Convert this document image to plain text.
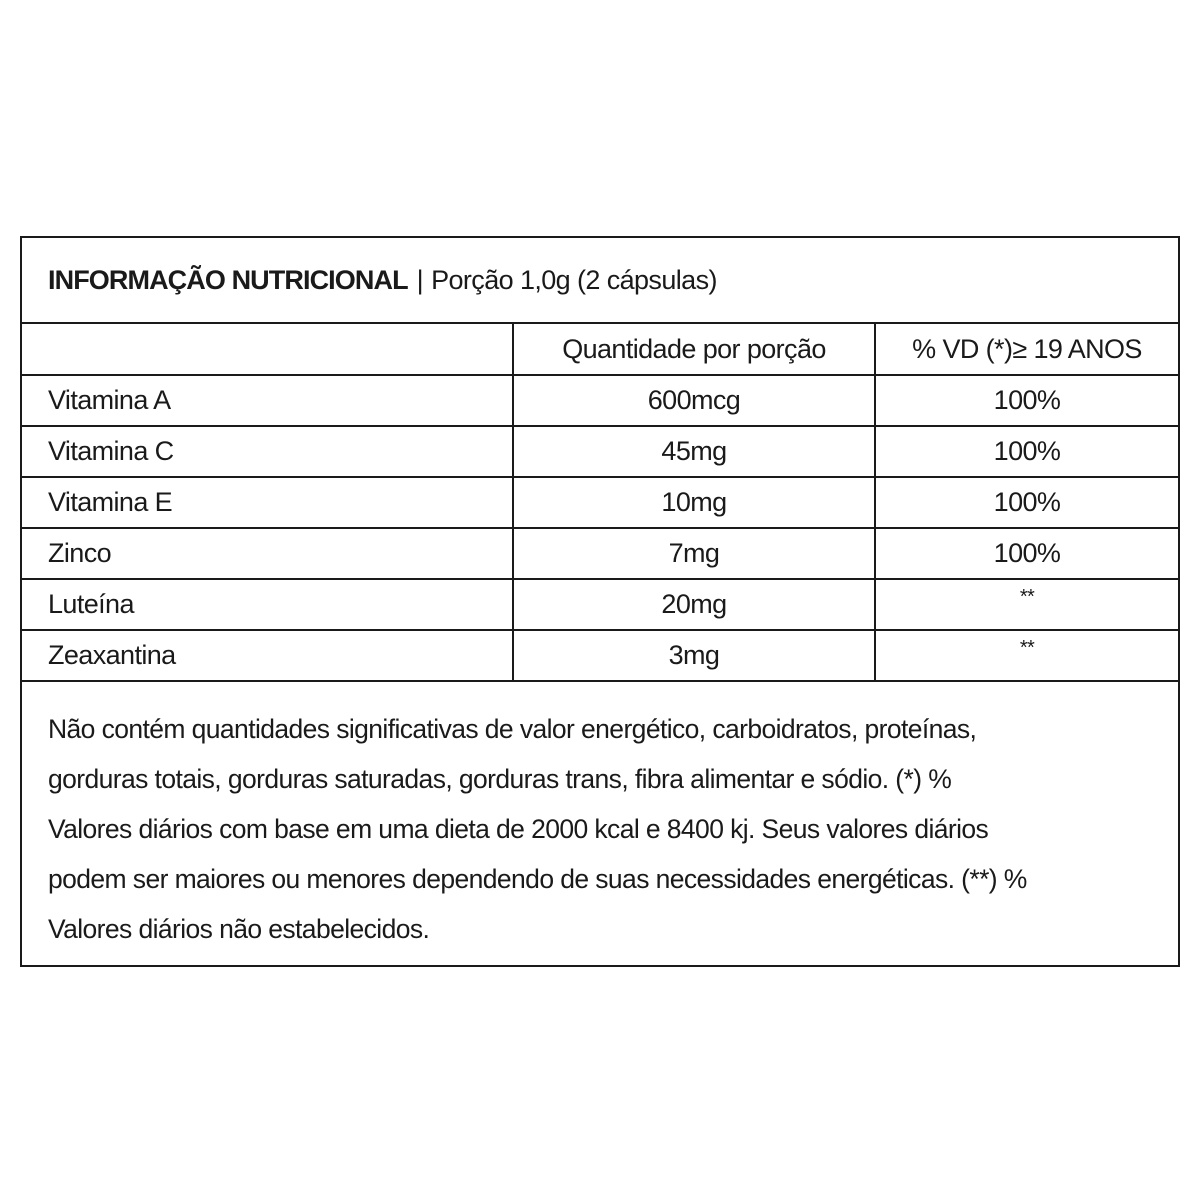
INFORMAÇÃO NUTRICIONAL | Porção 1,0g (2 cápsulas)
	Quantidade por porção	% VD (*)≥ 19 ANOS
Vitamina A	600mcg	100%
Vitamina C	45mg	100%
Vitamina E	10mg	100%
Zinco	7mg	100%
Luteína	20mg	**
Zeaxantina	3mg	**

Não contém quantidades significativas de valor energético, carboidratos, proteínas,
gorduras totais, gorduras saturadas, gorduras trans, fibra alimentar e sódio. (*) %
Valores diários com base em uma dieta de 2000 kcal e 8400 kj. Seus valores diários
podem ser maiores ou menores dependendo de suas necessidades energéticas. (**) %
Valores diários não estabelecidos.
